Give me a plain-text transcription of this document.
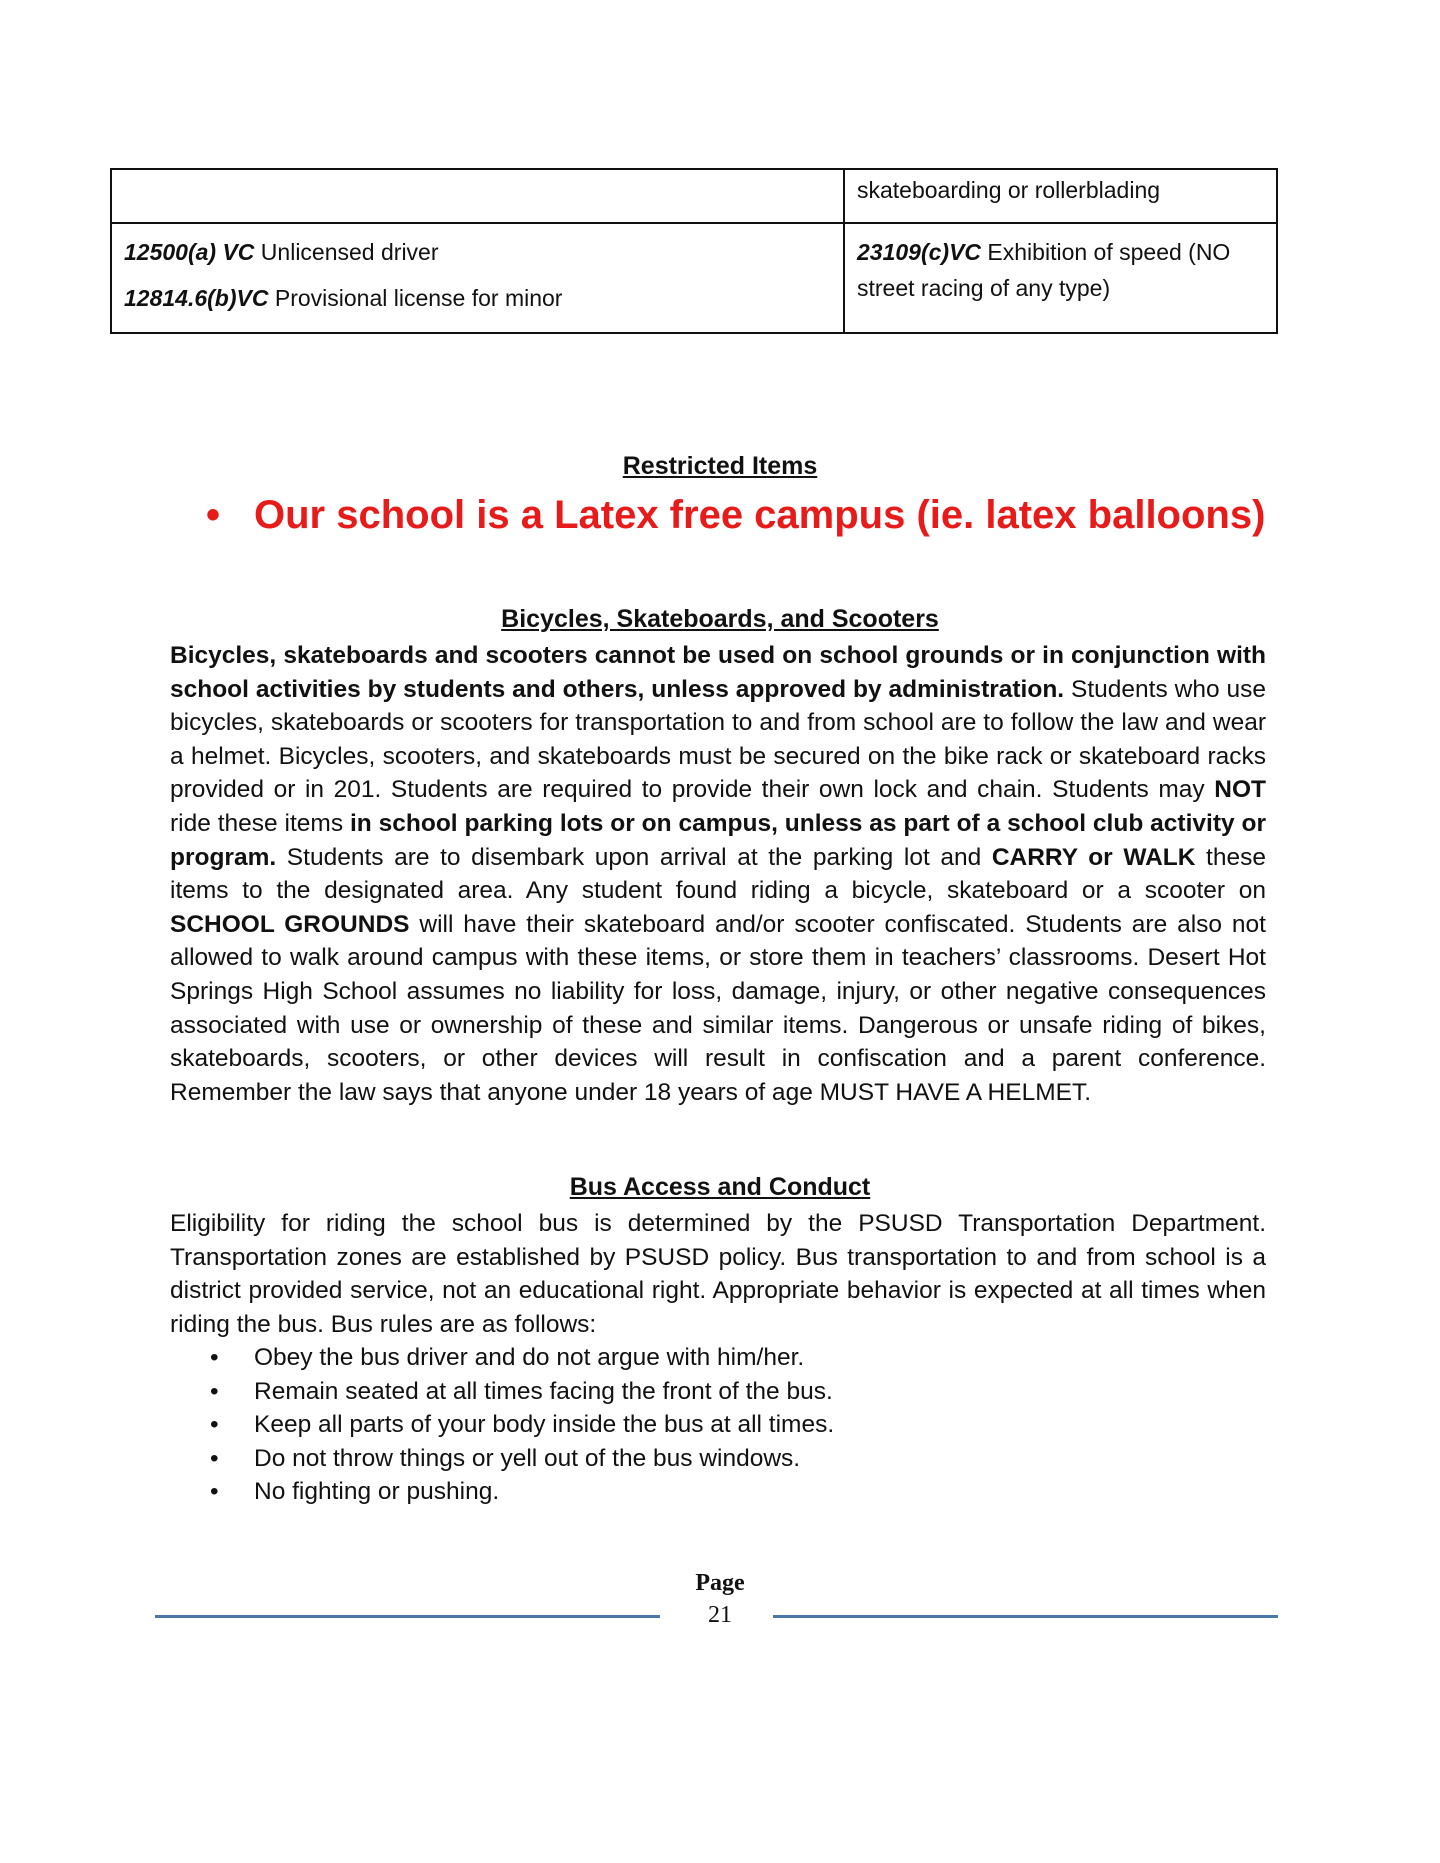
	skateboarding or rollerblading

12500(a) VC Unlicensed driver

12814.6(b)VC Provisional license for minor	23109(c)VC Exhibition of speed (NO street racing of any type)
Restricted Items
• Our school is a Latex free campus (ie. latex balloons)
Bicycles, Skateboards, and Scooters

Bicycles, skateboards and scooters cannot be used on school grounds or in conjunction with school activities by students and others, unless approved by administration. Students who use bicycles, skateboards or scooters for transportation to and from school are to follow the law and wear a helmet. Bicycles, scooters, and skateboards must be secured on the bike rack or skateboard racks provided or in 201. Students are required to provide their own lock and chain. Students may NOT ride these items in school parking lots or on campus, unless as part of a school club activity or program. Students are to disembark upon arrival at the parking lot and CARRY or WALK these items to the designated area. Any student found riding a bicycle, skateboard or a scooter on SCHOOL GROUNDS will have their skateboard and/or scooter confiscated. Students are also not allowed to walk around campus with these items, or store them in teachers’ classrooms. Desert Hot Springs High School assumes no liability for loss, damage, injury, or other negative consequences associated with use or ownership of these and similar items. Dangerous or unsafe riding of bikes, skateboards, scooters, or other devices will result in confiscation and a parent conference. Remember the law says that anyone under 18 years of age MUST HAVE A HELMET.

Bus Access and Conduct

Eligibility for riding the school bus is determined by the PSUSD Transportation Department. Transportation zones are established by PSUSD policy. Bus transportation to and from school is a district provided service, not an educational right. Appropriate behavior is expected at all times when riding the bus. Bus rules are as follows:

• Obey the bus driver and do not argue with him/her.
• Remain seated at all times facing the front of the bus.
• Keep all parts of your body inside the bus at all times.
• Do not throw things or yell out of the bus windows.
• No fighting or pushing.
Page
21
